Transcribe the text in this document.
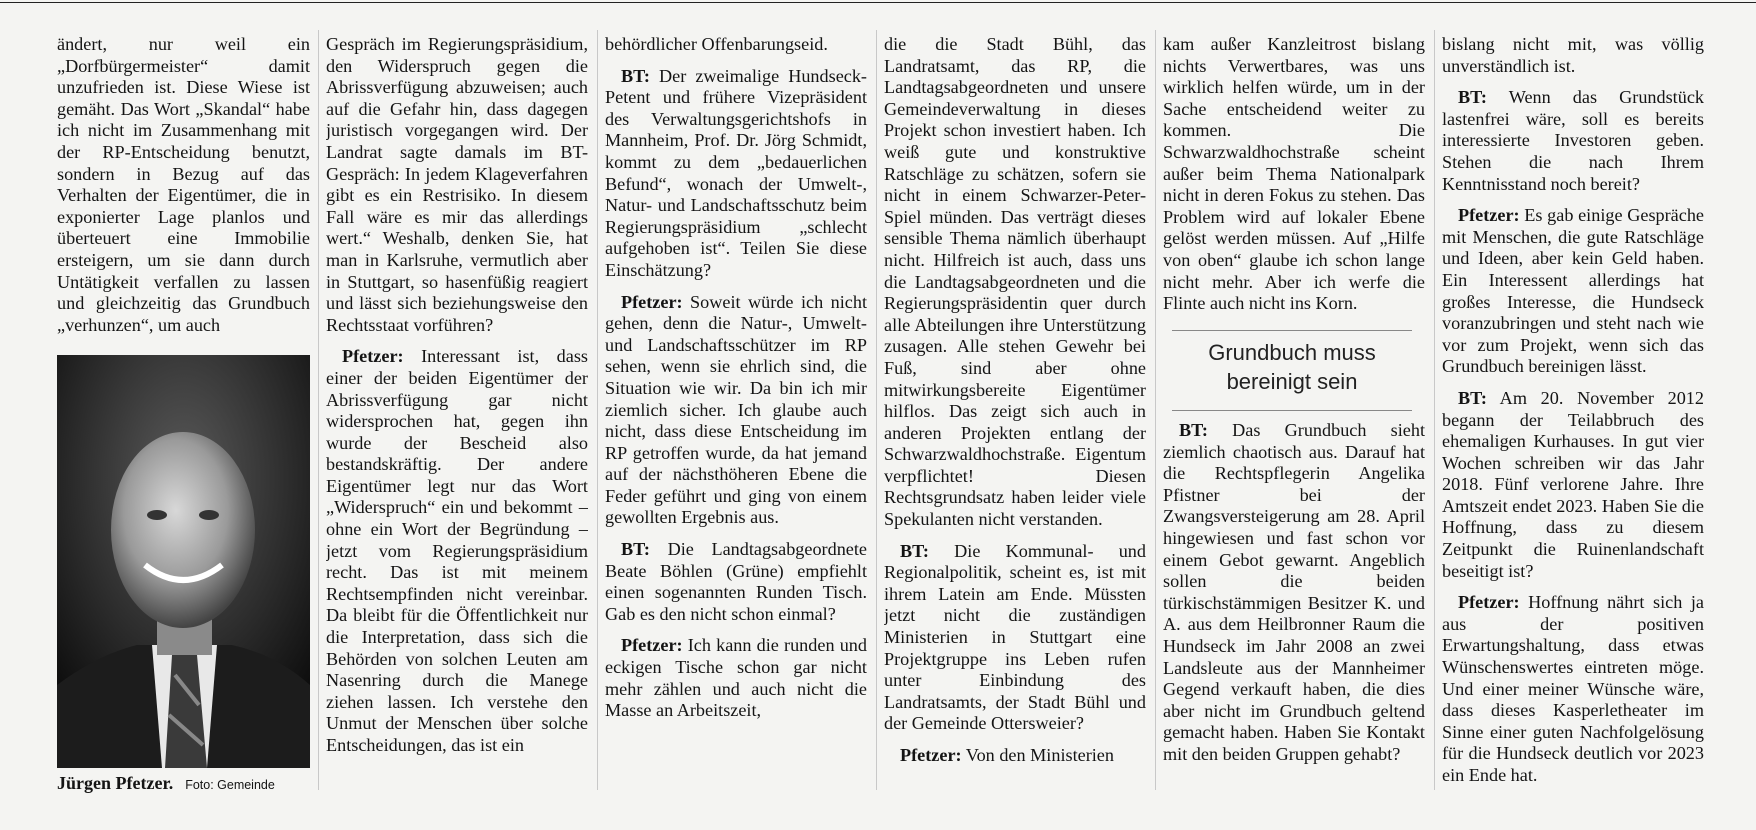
ändert, nur weil ein „Dorfbürgermeister“ damit unzufrieden ist. Diese Wiese ist gemäht. Das Wort „Skandal“ habe ich nicht im Zusammenhang mit der RP-Entscheidung benutzt, sondern in Bezug auf das Verhalten der Eigentümer, die in exponierter Lage planlos und überteuert eine Immobilie ersteigern, um sie dann durch Untätigkeit verfallen zu lassen und gleichzeitig das Grundbuch „verhunzen“, um auch

Jürgen Pfetzer. Foto: Gemeinde

Gespräch im Regierungspräsidium, den Widerspruch gegen die Abrissverfügung abzuweisen; auch auf die Gefahr hin, dass dagegen juristisch vorgegangen wird. Der Landrat sagte damals im BT-Gespräch: In jedem Klageverfahren gibt es ein Restrisiko. In diesem Fall wäre es mir das allerdings wert.“ Weshalb, denken Sie, hat man in Karlsruhe, vermutlich aber in Stuttgart, so hasenfüßig reagiert und lässt sich beziehungsweise den Rechtsstaat vorführen?

Pfetzer: Interessant ist, dass einer der beiden Eigentümer der Abrissverfügung gar nicht widersprochen hat, gegen ihn wurde der Bescheid also bestandskräftig. Der andere Eigentümer legt nur das Wort „Widerspruch“ ein und bekommt – ohne ein Wort der Begründung – jetzt vom Regierungspräsidium recht. Das ist mit meinem Rechtsempfinden nicht vereinbar. Da bleibt für die Öffentlichkeit nur die Interpretation, dass sich die Behörden von solchen Leuten am Nasenring durch die Manege ziehen lassen. Ich verstehe den Unmut der Menschen über solche Entscheidungen, das ist ein

behördlicher Offenbarungseid.

BT: Der zweimalige Hundseck-Petent und frühere Vizepräsident des Verwaltungsgerichtshofs in Mannheim, Prof. Dr. Jörg Schmidt, kommt zu dem „bedauerlichen Befund“, wonach der Umwelt-, Natur- und Landschaftsschutz beim Regierungspräsidium „schlecht aufgehoben ist“. Teilen Sie diese Einschätzung?

Pfetzer: Soweit würde ich nicht gehen, denn die Natur-, Umwelt- und Landschaftsschützer im RP sehen, wenn sie ehrlich sind, die Situation wie wir. Da bin ich mir ziemlich sicher. Ich glaube auch nicht, dass diese Entscheidung im RP getroffen wurde, da hat jemand auf der nächsthöheren Ebene die Feder geführt und ging von einem gewollten Ergebnis aus.

BT: Die Landtagsabgeordnete Beate Böhlen (Grüne) empfiehlt einen sogenannten Runden Tisch. Gab es den nicht schon einmal?

Pfetzer: Ich kann die runden und eckigen Tische schon gar nicht mehr zählen und auch nicht die Masse an Arbeitszeit,

die die Stadt Bühl, das Landratsamt, das RP, die Landtagsabgeordneten und unsere Gemeindeverwaltung in dieses Projekt schon investiert haben. Ich weiß gute und konstruktive Ratschläge zu schätzen, sofern sie nicht in einem Schwarzer-Peter-Spiel münden. Das verträgt dieses sensible Thema nämlich überhaupt nicht. Hilfreich ist auch, dass uns die Landtagsabgeordneten und die Regierungspräsidentin quer durch alle Abteilungen ihre Unterstützung zusagen. Alle stehen Gewehr bei Fuß, sind aber ohne mitwirkungsbereite Eigentümer hilflos. Das zeigt sich auch in anderen Projekten entlang der Schwarzwaldhochstraße. Eigentum verpflichtet! Diesen Rechtsgrundsatz haben leider viele Spekulanten nicht verstanden.

BT: Die Kommunal- und Regionalpolitik, scheint es, ist mit ihrem Latein am Ende. Müssten jetzt nicht die zuständigen Ministerien in Stuttgart eine Projektgruppe ins Leben rufen unter Einbindung des Landratsamts, der Stadt Bühl und der Gemeinde Ottersweier?

Pfetzer: Von den Ministerien

kam außer Kanzleitrost bislang nichts Verwertbares, was uns wirklich helfen würde, um in der Sache entscheidend weiter zu kommen. Die Schwarzwaldhochstraße scheint außer beim Thema Nationalpark nicht in deren Fokus zu stehen. Das Problem wird auf lokaler Ebene gelöst werden müssen. Auf „Hilfe von oben“ glaube ich schon lange nicht mehr. Aber ich werfe die Flinte auch nicht ins Korn.

Grundbuch muss bereinigt sein

BT: Das Grundbuch sieht ziemlich chaotisch aus. Darauf hat die Rechtspflegerin Angelika Pfistner bei der Zwangsversteigerung am 28. April hingewiesen und fast schon vor einem Gebot gewarnt. Angeblich sollen die beiden türkischstämmigen Besitzer K. und A. aus dem Heilbronner Raum die Hundseck im Jahr 2008 an zwei Landsleute aus der Mannheimer Gegend verkauft haben, die dies aber nicht im Grundbuch geltend gemacht haben. Haben Sie Kontakt mit den beiden Gruppen gehabt?

bislang nicht mit, was völlig unverständlich ist.

BT: Wenn das Grundstück lastenfrei wäre, soll es bereits interessierte Investoren geben. Stehen die nach Ihrem Kenntnisstand noch bereit?

Pfetzer: Es gab einige Gespräche mit Menschen, die gute Ratschläge und Ideen, aber kein Geld haben. Ein Interessent allerdings hat großes Interesse, die Hundseck voranzubringen und steht nach wie vor zum Projekt, wenn sich das Grundbuch bereinigen lässt.

BT: Am 20. November 2012 begann der Teilabbruch des ehemaligen Kurhauses. In gut vier Wochen schreiben wir das Jahr 2018. Fünf verlorene Jahre. Ihre Amtszeit endet 2023. Haben Sie die Hoffnung, dass zu diesem Zeitpunkt die Ruinenlandschaft beseitigt ist?

Pfetzer: Hoffnung nährt sich ja aus der positiven Erwartungshaltung, dass etwas Wünschenswertes eintreten möge. Und einer meiner Wünsche wäre, dass dieses Kasperletheater im Sinne einer guten Nachfolgelösung für die Hundseck deutlich vor 2023 ein Ende hat.
